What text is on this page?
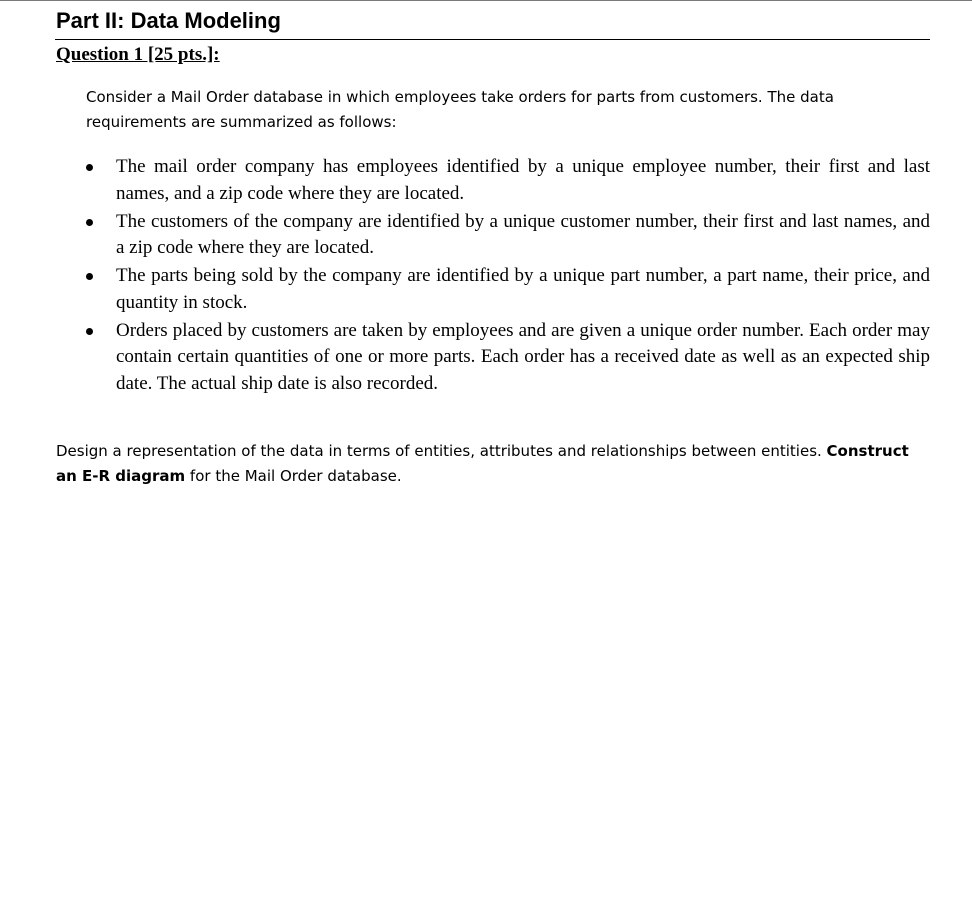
Part II: Data Modeling
Question 1 [25 pts.]:

Consider a Mail Order database in which employees take orders for parts from customers. The data requirements are summarized as follows:

The mail order company has employees identified by a unique employee number, their first and last names, and a zip code where they are located.
The customers of the company are identified by a unique customer number, their first and last names, and a zip code where they are located.
The parts being sold by the company are identified by a unique part number, a part name, their price, and quantity in stock.
Orders placed by customers are taken by employees and are given a unique order number. Each order may contain certain quantities of one or more parts. Each order has a received date as well as an expected ship date. The actual ship date is also recorded.

Design a representation of the data in terms of entities, attributes and relationships between entities. Construct an E-R diagram for the Mail Order database.
